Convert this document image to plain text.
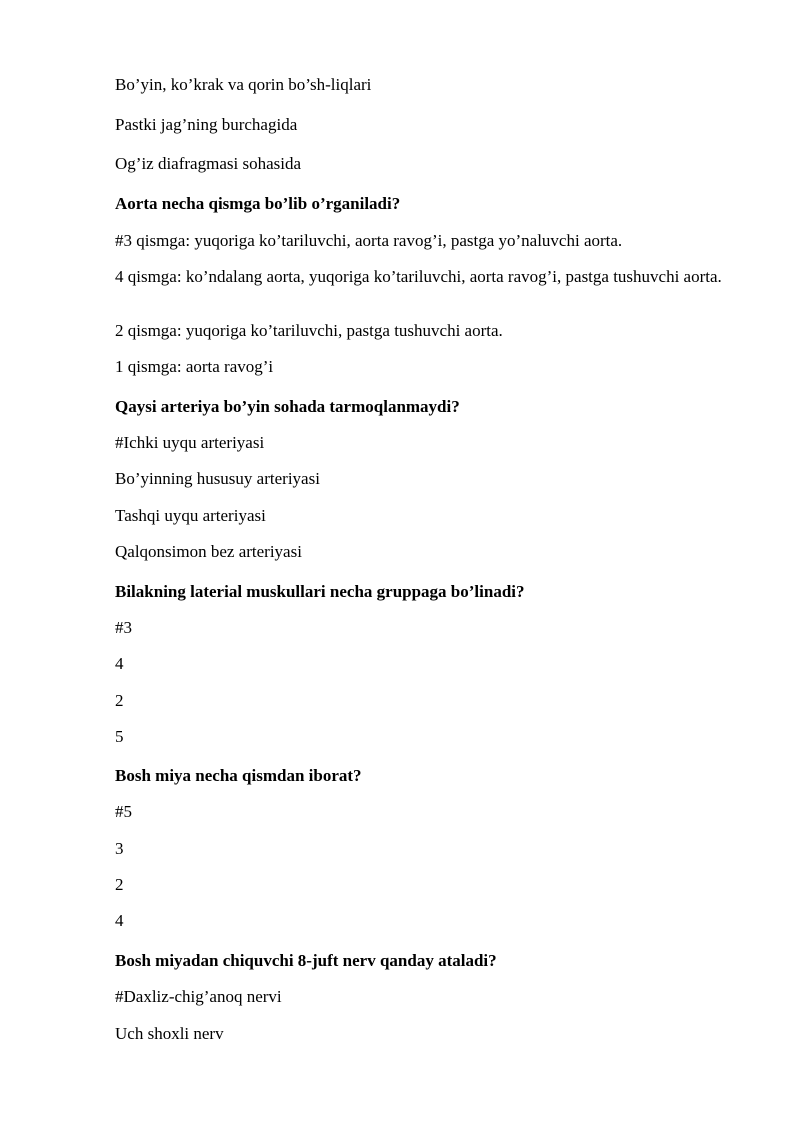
Bo’yin, ko’krak va qorin bo’sh-liqlari

Pastki jag’ning burchagida

Og’iz diafragmasi sohasida

Aorta necha qismga bo’lib o’rganiladi?

#3 qismga: yuqoriga ko’tariluvchi, aorta ravog’i, pastga yo’naluvchi aorta.

4 qismga: ko’ndalang aorta, yuqoriga ko’tariluvchi, aorta ravog’i, pastga tushuvchi aorta.

2 qismga: yuqoriga ko’tariluvchi, pastga tushuvchi aorta.

1 qismga: aorta ravog’i

Qaysi arteriya bo’yin sohada tarmoqlanmaydi?

#Ichki uyqu arteriyasi

Bo’yinning hususuy arteriyasi

Tashqi uyqu arteriyasi

Qalqonsimon bez arteriyasi

Bilakning laterial muskullari necha gruppaga bo’linadi?

#3

4

2

5

Bosh miya necha qismdan iborat?

#5

3

2

4

Bosh miyadan chiquvchi 8-juft nerv qanday ataladi?

#Daxliz-chig’anoq nervi

Uch shoxli nerv
